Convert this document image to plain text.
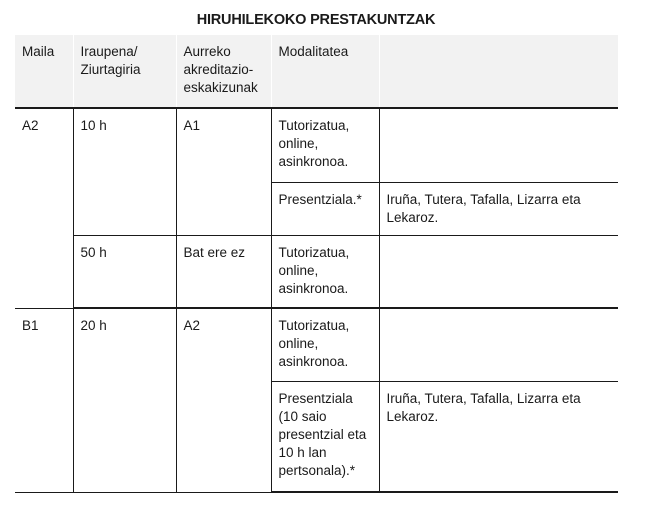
HIRUHILEKOKO PRESTAKUNTZAK
Maila	Iraupena/ Ziurtagiria	Aurreko akreditazio-eskakizunak	Modalitatea	
A2	10 h	A1	Tutorizatua, online, asinkronoa.	
			Presentziala.*	Iruña, Tutera, Tafalla, Lizarra eta Lekaroz.
	50 h	Bat ere ez	Tutorizatua, online, asinkronoa.	
B1	20 h	A2	Tutorizatua, online, asinkronoa.	
			Presentziala (10 saio presentzial eta 10 h lan pertsonala).*	Iruña, Tutera, Tafalla, Lizarra eta Lekaroz.
